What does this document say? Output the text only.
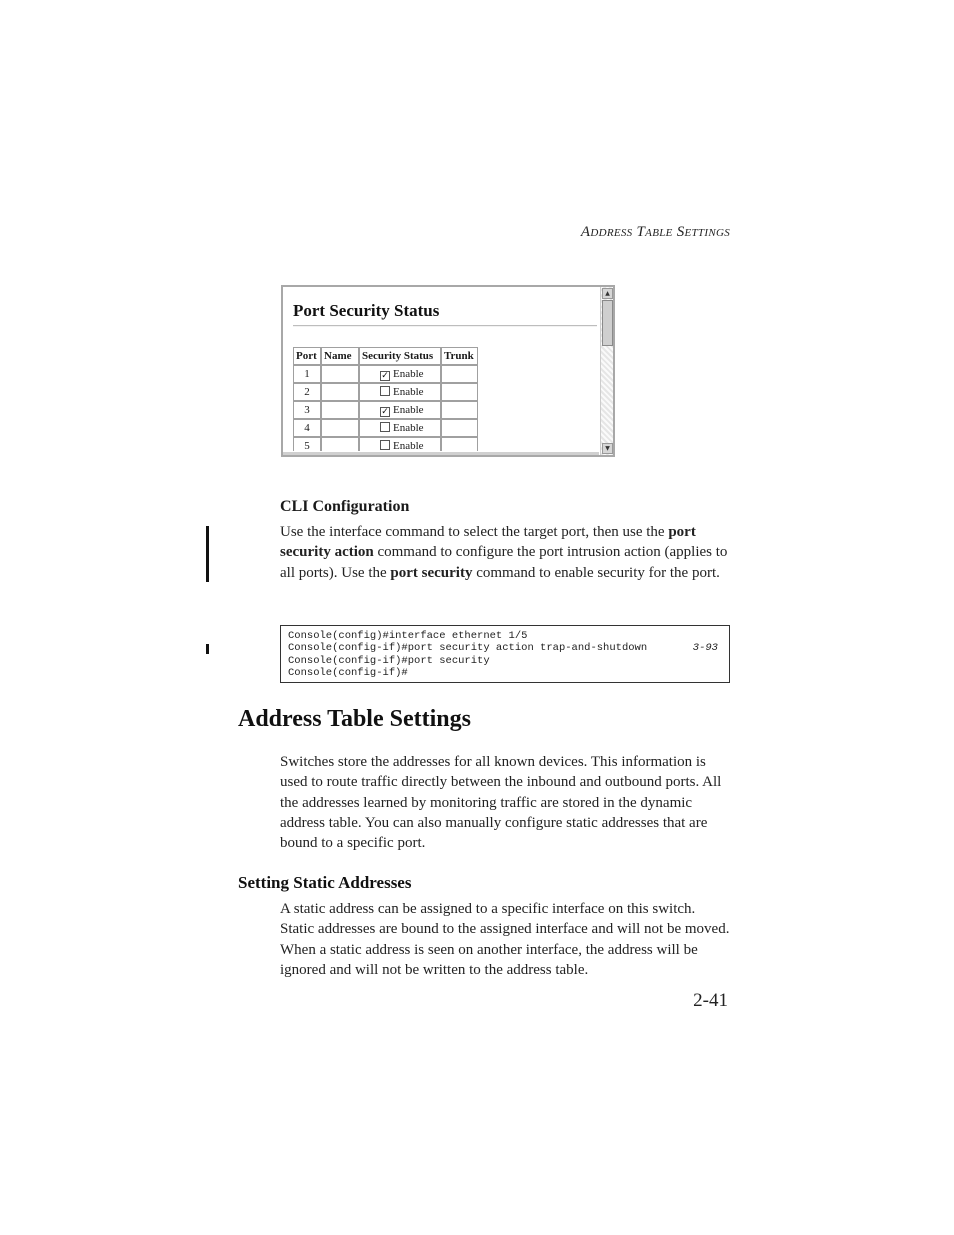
Address Table Settings
Port Security Status
Port	Name	Security Status	Trunk
1		✓ Enable	
2		Enable	
3		✓ Enable	
4		Enable	
5		Enable	
▲
▼
CLI Configuration
Use the interface command to select the target port, then use the port security action command to configure the port intrusion action (applies to all ports). Use the port security command to enable security for the port.
Console(config)#interface ethernet 1/5
Console(config-if)#port security action trap-and-shutdown	3-93
Console(config-if)#port security
Console(config-if)#
Address Table Settings
Switches store the addresses for all known devices. This information is used to route traffic directly between the inbound and outbound ports. All the addresses learned by monitoring traffic are stored in the dynamic address table. You can also manually configure static addresses that are bound to a specific port.
Setting Static Addresses
A static address can be assigned to a specific interface on this switch. Static addresses are bound to the assigned interface and will not be moved. When a static address is seen on another interface, the address will be ignored and will not be written to the address table.
2-41
